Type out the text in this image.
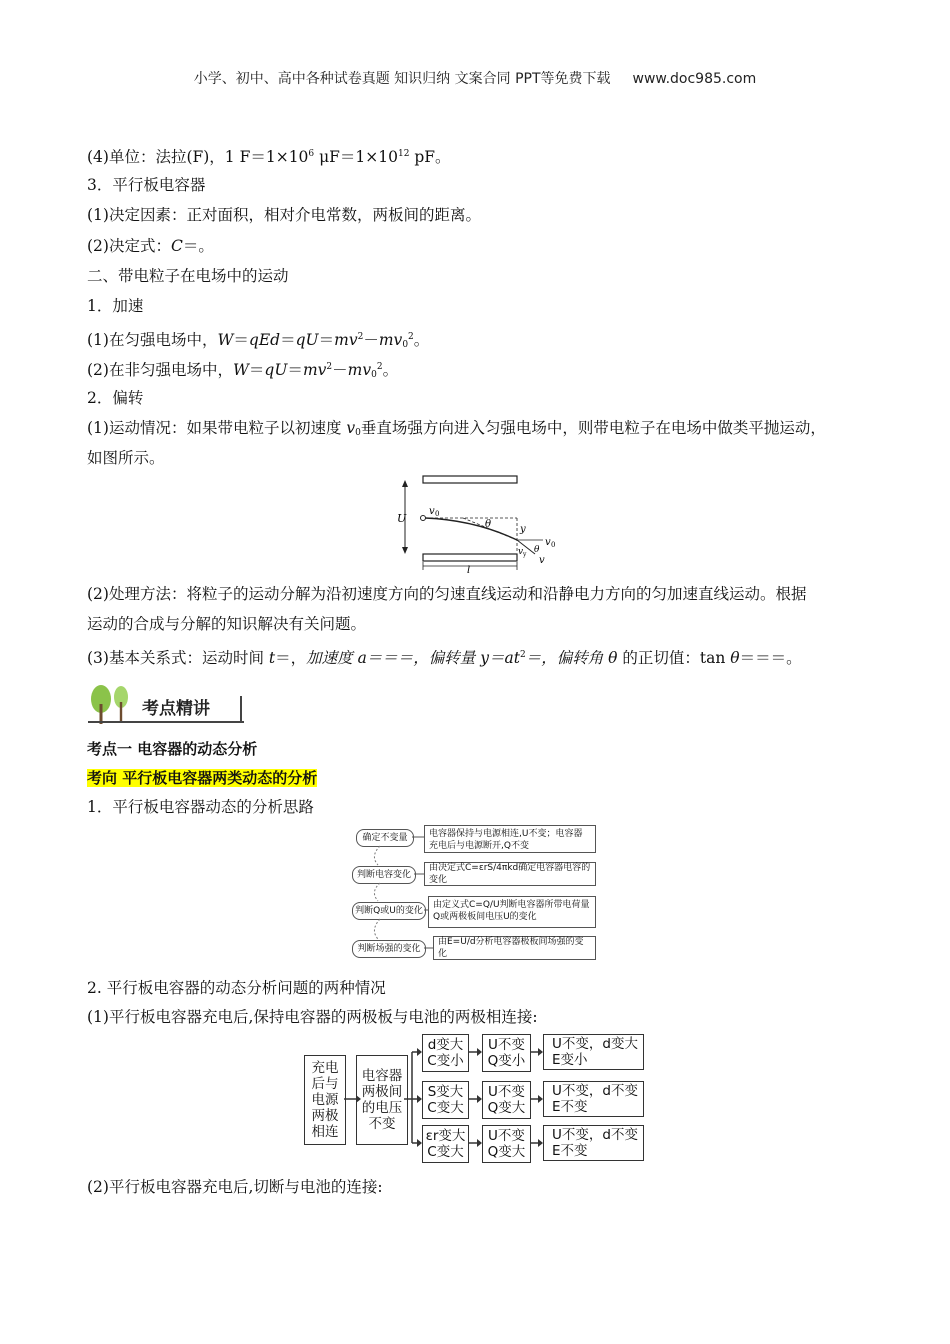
小学、初中、高中各种试卷真题 知识归纳 文案合同 PPT等免费下载 www.doc985.com
(4)单位：法拉(F)，1 $F=1\times 10^6$ $\mu F=1\times 10^{12}$ pF。
3．平行板电容器
(1)决定因素：正对面积，相对介电常数，两板间的距离。
(2)决定式：C＝。
二、带电粒子在电场中的运动
1．加速
(1)在匀强电场中，$W=qEd=qU=mv^2-mv_0^2$。
(2)在非匀强电场中，$W=qU=mv^2-mv_0^2$。
2．偏转
(1)运动情况：如果带电粒子以初速度 $v_0$垂直场强方向进入匀强电场中，则带电粒子在电场中做类平抛运动，
如图所示。
U
v 0
θ	y
v y θ
v 0
v
l
(2)处理方法：将粒子的运动分解为沿初速度方向的匀速直线运动和沿静电力方向的匀加速直线运动。根据
运动的合成与分解的知识解决有关问题。
(3)基本关系式：运动时间 t＝，加速度 a＝＝＝，偏转量 $y=at^2=$，偏转角 θ 的正切值：tan θ＝＝＝。
考点精讲
考点一 电容器的动态分析
考向 平行板电容器两类动态的分析
1．平行板电容器动态的分析思路
确定不变量	电容器保持与电源相连,U不变；电容器
充电后与电源断开,Q不变
判断电容变化
由决定式C=εrS/4πkd确定电容器电容的变化
判断Q或U的变化
由定义式C=Q/U判断电容器所带电荷量
Q或两极板间电压U的变化
判断场强的变化
由E=U/d分析电容器极板间场强的变化
2. 平行板电容器的动态分析问题的两种情况
(1)平行板电容器充电后,保持电容器的两极板与电池的两极相连接:
充电后与电源两极相连
电容器两极间的电压不变
d变大
C变小
U不变
Q变小
U不变，d变大
E变小
S变大
C变大
U不变
Q变大
U不变，d不变
E不变
εr变大
C变大
U不变
Q变大
U不变，d不变
E不变
(2)平行板电容器充电后,切断与电池的连接:
